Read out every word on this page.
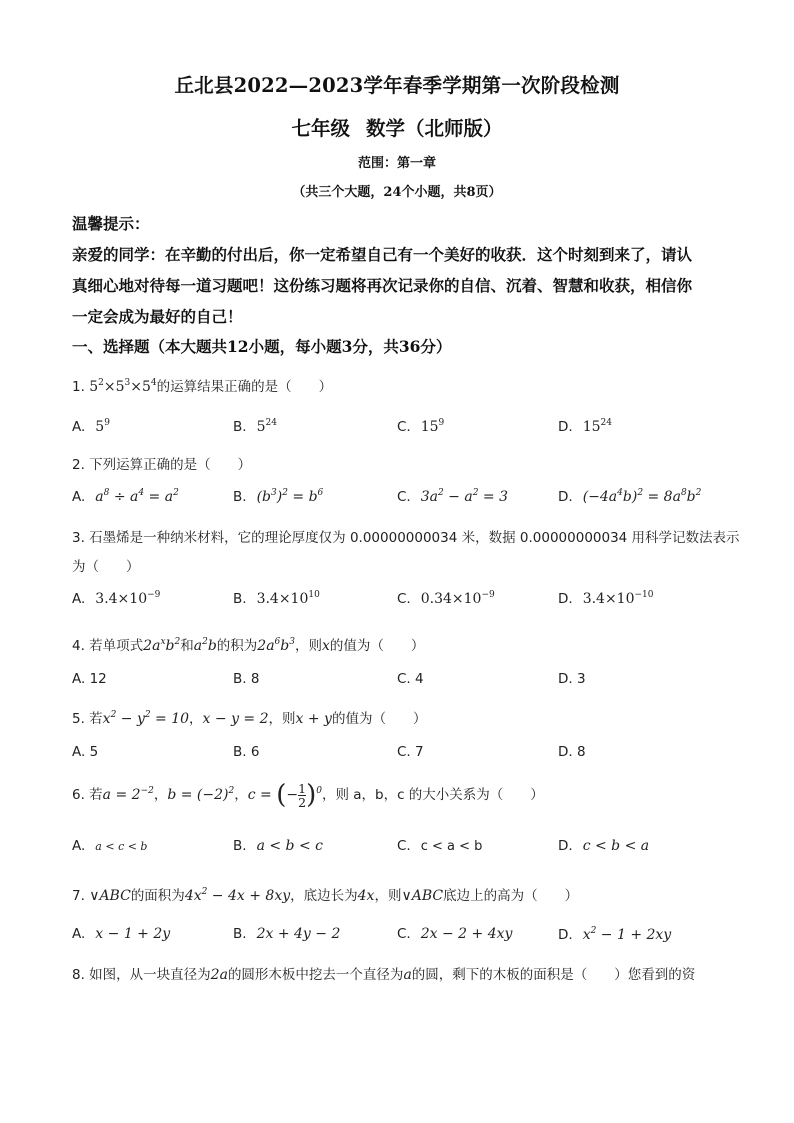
丘北县2022—2023学年春季学期第一次阶段检测
七年级 数学（北师版）
范围：第一章
（共三个大题，24个小题，共8页）
温馨提示：
亲爱的同学：在辛勤的付出后，你一定希望自己有一个美好的收获．这个时刻到来了，请认
真细心地对待每一道习题吧！这份练习题将再次记录你的自信、沉着、智慧和收获，相信你
一定会成为最好的自己！
一、选择题（本大题共12小题，每小题3分，共36分）
1. $5^2\times 5^3\times 5^4$的运算结果正确的是（　　）
A. $5^9$	B. $5^{24}$	C. $15^9$	D. $15^{24}$
2. 下列运算正确的是（　　）
A. $a^8 \div a^4 = a^2$	B. $(b^3)^2 = b^6$	C. $3a^2 - a^2 = 3$	D. $(-4a^4b)^2 = 8a^8b^2$
3. 石墨烯是一种纳米材料，它的理论厚度仅为 0.00000000034 米，数据 0.00000000034 用科学记数法表示
为（　　）
A. $3.4\times 10^{-9}$	B. $3.4\times 10^{10}$	C. $0.34\times 10^{-9}$	D. $3.4\times 10^{-10}$
4. 若单项式$2a^xb^2$和$a^2b$的积为$2a^6b^3$，则x的值为（　　）
A. 12	B. 8	C. 4	D. 3
5. 若$x^2 - y^2 = 10$，x − y = 2，则x + y的值为（　　）
A. 5	B. 6	C. 7	D. 8
6. 若$a = 2^{-2}$，$b = (-2)^2$，c = (− $\frac{1}{2} )^0$，则 a，b，c 的大小关系为（　　）
A. a < c < b	B. a < b < c	C. c < a < b	D. c < b < a
7. ∨ABC的面积为$4x^2 - 4x + 8xy$，底边长为4x，则∨ABC底边上的高为（　　）
A. x − 1 + 2y	B. 2x + 4y − 2	C. 2x − 2 + 4xy	D. $x^2 - 1 + 2xy$
8. 如图，从一块直径为2a的圆形木板中挖去一个直径为a的圆，剩下的木板的面积是（　　）您看到的资
